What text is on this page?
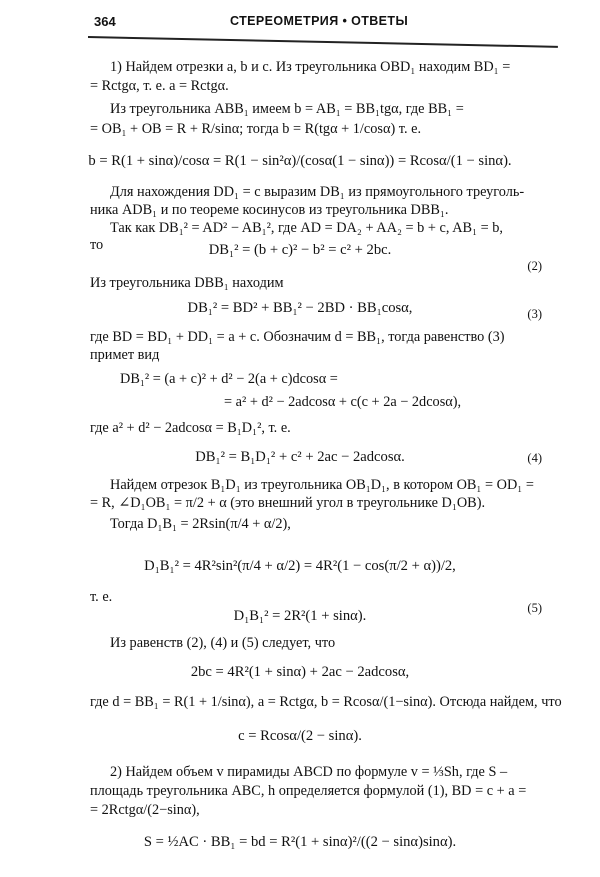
364	СТЕРЕОМЕТРИЯ • ОТВЕТЫ
1) Найдем отрезки a, b и c. Из треугольника OBD₁ находим BD₁ =
= Rctgα, т. е. a = Rctgα.
Из треугольника ABB₁ имеем b = AB₁ = BB₁tgα, где BB₁ =
= OB₁ + OB = R + R/sinα; тогда b = R(tgα + 1/cosα) т. е.
b = R(1 + sinα)/cosα = R(1 − sin²α)/(cosα(1 − sinα)) = Rcosα/(1 − sinα).
Для нахождения DD₁ = c выразим DB₁ из прямоугольного треуголь-
ника ADB₁ и по теореме косинусов из треугольника DBB₁.
Так как DB₁² = AD² − AB₁², где AD = DA₂ + AA₂ = b + c, AB₁ = b,
то	DB₁² = (b + c)² − b² = c² + 2bc.
(2)
Из треугольника DBB₁ находим
DB₁² = BD² + BB₁² − 2BD · BB₁cosα,	(3)
где BD = BD₁ + DD₁ = a + c. Обозначим d = BB₁, тогда равенство (3)
примет вид
DB₁² = (a + c)² + d² − 2(a + c)dcosα =
= a² + d² − 2adcosα + c(c + 2a − 2dcosα),
где a² + d² − 2adcosα = B₁D₁², т. е.
DB₁² = B₁D₁² + c² + 2ac − 2adcosα.	(4)
Найдем отрезок B₁D₁ из треугольника OB₁D₁, в котором OB₁ = OD₁ =
= R, ∠D₁OB₁ = π/2 + α (это внешний угол в треугольнике D₁OB).
Тогда D₁B₁ = 2Rsin(π/4 + α/2),
D₁B₁² = 4R²sin²(π/4 + α/2) = 4R²(1 − cos(π/2 + α))/2,
т. е.
D₁B₁² = 2R²(1 + sinα).	(5)
Из равенств (2), (4) и (5) следует, что
2bc = 4R²(1 + sinα) + 2ac − 2adcosα,
где d = BB₁ = R(1 + 1/sinα), a = Rctgα, b = Rcosα/(1−sinα). Отсюда найдем, что
c = Rcosα/(2 − sinα).
2) Найдем объем v пирамиды ABCD по формуле v = ⅓Sh, где S –
площадь треугольника ABC, h определяется формулой (1), BD = c + a =
= 2Rctgα/(2−sinα),
S = ½AC · BB₁ = bd = R²(1 + sinα)²/((2 − sinα)sinα).
